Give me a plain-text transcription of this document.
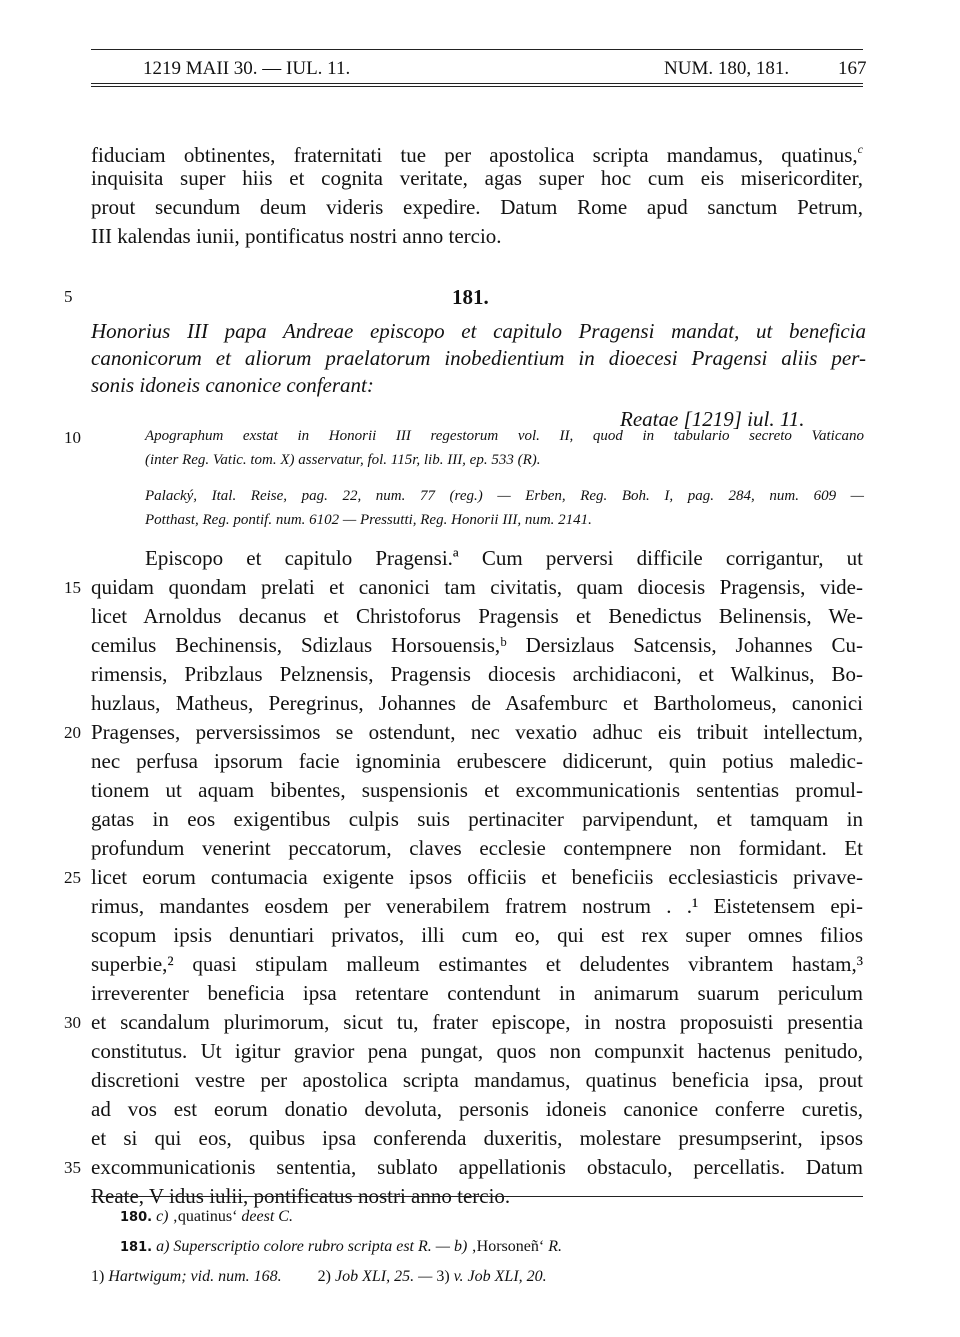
1219 MAII 30. — IUL. 11.	NUM. 180, 181.	167
fiduciam obtinentes, fraternitati tue per apostolica scripta mandamus, quatinus,$^c$
inquisita super hiis et cognita veritate, agas super hoc cum eis misericorditer,
prout secundum deum videris expedire. Datum Rome apud sanctum Petrum,
III kalendas iunii, pontificatus nostri anno tercio.
181.
Honorius III papa Andreae episcopo et capitulo Pragensi mandat, ut beneficia
canonicorum et aliorum praelatorum inobedientium in dioecesi Pragensi aliis per-
sonis idoneis canonice conferant:
Reatae [1219] iul. 11.
Apographum exstat in Honorii III regestorum vol. II, quod in tabulario secreto Vaticano
(inter Reg. Vatic. tom. X) asservatur, fol. 115r, lib. III, ep. 533 (R).
Palacký, Ital. Reise, pag. 22, num. 77 (reg.) — Erben, Reg. Boh. I, pag. 284, num. 609 —
Potthast, Reg. pontif. num. 6102 — Pressutti, Reg. Honorii III, num. 2141.
Episcopo et capitulo Pragensi.ª Cum perversi difficile corrigantur, ut
quidam quondam prelati et canonici tam civitatis, quam diocesis Pragensis, vide-
licet Arnoldus decanus et Christoforus Pragensis et Benedictus Belinensis, We-
cemilus Bechinensis, Sdizlaus Horsouensis,ᵇ Dersizlaus Satcensis, Johannes Cu-
rimensis, Pribzlaus Pelznensis, Pragensis diocesis archidiaconi, et Walkinus, Bo-
huzlaus, Matheus, Peregrinus, Johannes de Asafemburc et Bartholomeus, canonici
Pragenses, perversissimos se ostendunt, nec vexatio adhuc eis tribuit intellectum,
nec perfusa ipsorum facie ignominia erubescere didicerunt, quin potius maledic-
tionem ut aquam bibentes, suspensionis et excommunicationis sententias promul-
gatas in eos exigentibus culpis suis pertinaciter parvipendunt, et tamquam in
profundum venerint peccatorum, claves ecclesie contempnere non formidant. Et
licet eorum contumacia exigente ipsos officiis et beneficiis ecclesiasticis privave-
rimus, mandantes eosdem per venerabilem fratrem nostrum . .¹ Eistetensem epi-
scopum ipsis denuntiari privatos, illi cum eo, qui est rex super omnes filios
superbie,² quasi stipulam malleum estimantes et deludentes vibrantem hastam,³
irreverenter beneficia ipsa retentare contendunt in animarum suarum periculum
et scandalum plurimorum, sicut tu, frater episcope, in nostra proposuisti presentia
constitutus. Ut igitur gravior pena pungat, quos non compunxit hactenus penitudo,
discretioni vestre per apostolica scripta mandamus, quatinus beneficia ipsa, prout
ad vos est eorum donatio devoluta, personis idoneis canonice conferre curetis,
et si qui eos, quibus ipsa conferenda duxeritis, molestare presumpserint, ipsos
excommunicationis sententia, sublato appellationis obstaculo, percellatis. Datum
Reate, V idus iulii, pontificatus nostri anno tercio.
5
10
15
20
25
30
35
180. c) ‚quatinus‘ deest C.
181. a) Superscriptio colore rubro scripta est R. — b) ‚Horsoneñ‘ R.
1) Hartwigum; vid. num. 168. 2) Job XLI, 25. — 3) v. Job XLI, 20.
